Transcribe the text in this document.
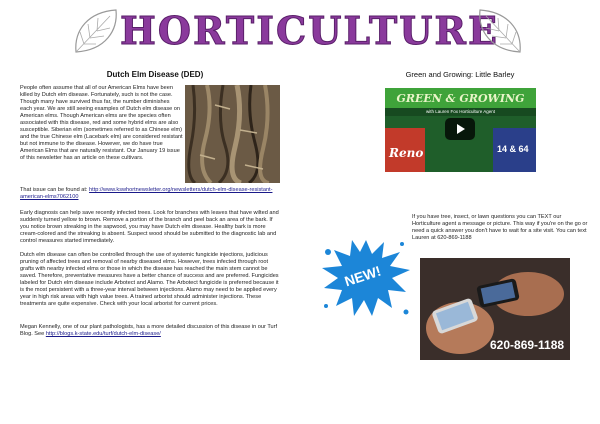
HORTICULTURE
Dutch Elm Disease (DED)
People often assume that all of our American Elms have been killed by Dutch elm disease. Fortunately, such is not the case. Though many have survived thus far, the number diminishes each year. We are still seeing examples of Dutch elm disease on American elms. Though American elms are the species often associated with this disease, red and some hybrid elms are also susceptible. Siberian elm (sometimes referred to as Chinese elm) and the true Chinese elm (Lacebark elm) are considered resistant but not immune to the disease. However, we do have true American Elms that are naturally resistant. Our January 19 issue of this newsletter has an article on these cultivars.
That issue can be found at: http://www.kswhortnewsletter.org/newsletters/dutch-elm-disease-resistant-american-elms7062100
Early diagnosis can help save recently infected trees. Look for branches with leaves that have wilted and suddenly turned yellow to brown. Remove a portion of the branch and peel back an area of the bark. If you notice brown streaking in the sapwood, you may have Dutch elm disease. Healthy bark is more cream-colored and the streaking is absent. Suspect wood should be submitted to the diagnostic lab and control measures started immediately.
Dutch elm disease can often be controlled through the use of systemic fungicide injections, judicious pruning of affected trees and removal of nearby diseased elms. However, trees infected through root grafts with nearby infected elms or those in which the disease has reached the main stem cannot be saved. Therefore, preventative measures have a better chance of success and are preferred. Fungicides labeled for Dutch elm disease include Arbotect and Alamo. The Arbotect fungicide is preferred because it is the most persistent with a three-year interval between injections. Alamo may need to be applied every year in high risk areas with high value trees. A trained arborist should administer injections. These treatments are quite expensive. Check with your local arborist for current prices.
Megan Kennelly, one of our plant pathologists, has a more detailed discussion of this disease in our Turf Blog. See http://blogs.k-state.edu/turf/dutch-elm-disease/
Green and Growing: Little Barley
GREEN & GROWING
with Lauren Fox Horticulture Agent
Reno	14 & 64
If you have tree, insect, or lawn questions you can TEXT our Horticulture agent a message or picture. This way if you're on the go or need a quick answer you don't have to wait for a site visit. You can text Lauren at 620-869-1188
NEW!
620-869-1188
